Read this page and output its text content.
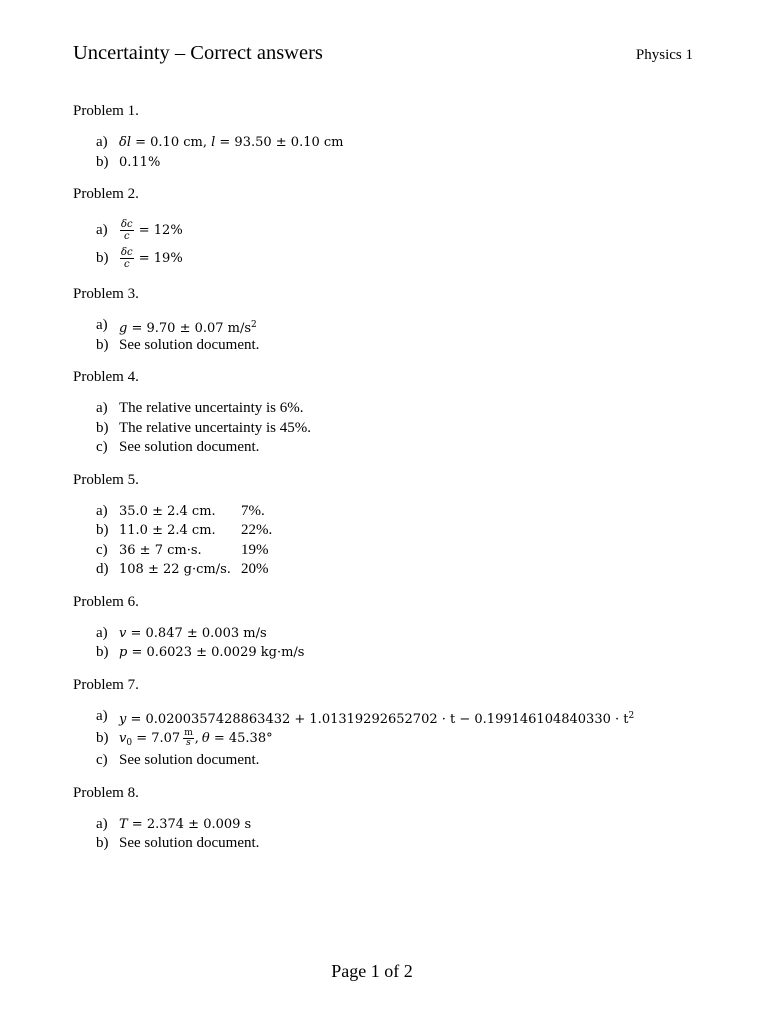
Uncertainty – Correct answers	Physics 1
Problem 1.
a) δl = 0.10 cm, l = 93.50 ± 0.10 cm
b) 0.11%
Problem 2.
$a) \frac{\delta c}{c} = 12\%$
$b) \frac{\delta c}{c} = 19\%$
Problem 3.
a) g = 9.70 ± 0.07 $m/s^2$
b) See solution document.
Problem 4.
a) The relative uncertainty is 6%.
b) The relative uncertainty is 45%.
c) See solution document.
Problem 5.
a) 35.0 ± 2.4 cm. 7%.
b) 11.0 ± 2.4 cm. 22%.
c) 36 ± 7 cm·s.	19%
d) 108 ± 22 g·cm/s. 20%
Problem 6.
a) v = 0.847 ± 0.003 m/s
b) p = 0.6023 ± 0.0029 kg·m/s
Problem 7.
a) $y = 0.0200357428863432 + 1.01319292652702 \cdot t - 0.199146104840330 \cdot t^2$
b) $v_0 = 7.07 \frac{m}{s}$ , θ = 45.38°
c) See solution document.
Problem 8.
a) T = 2.374 ± 0.009 s
b) See solution document.
Page 1 of 2
